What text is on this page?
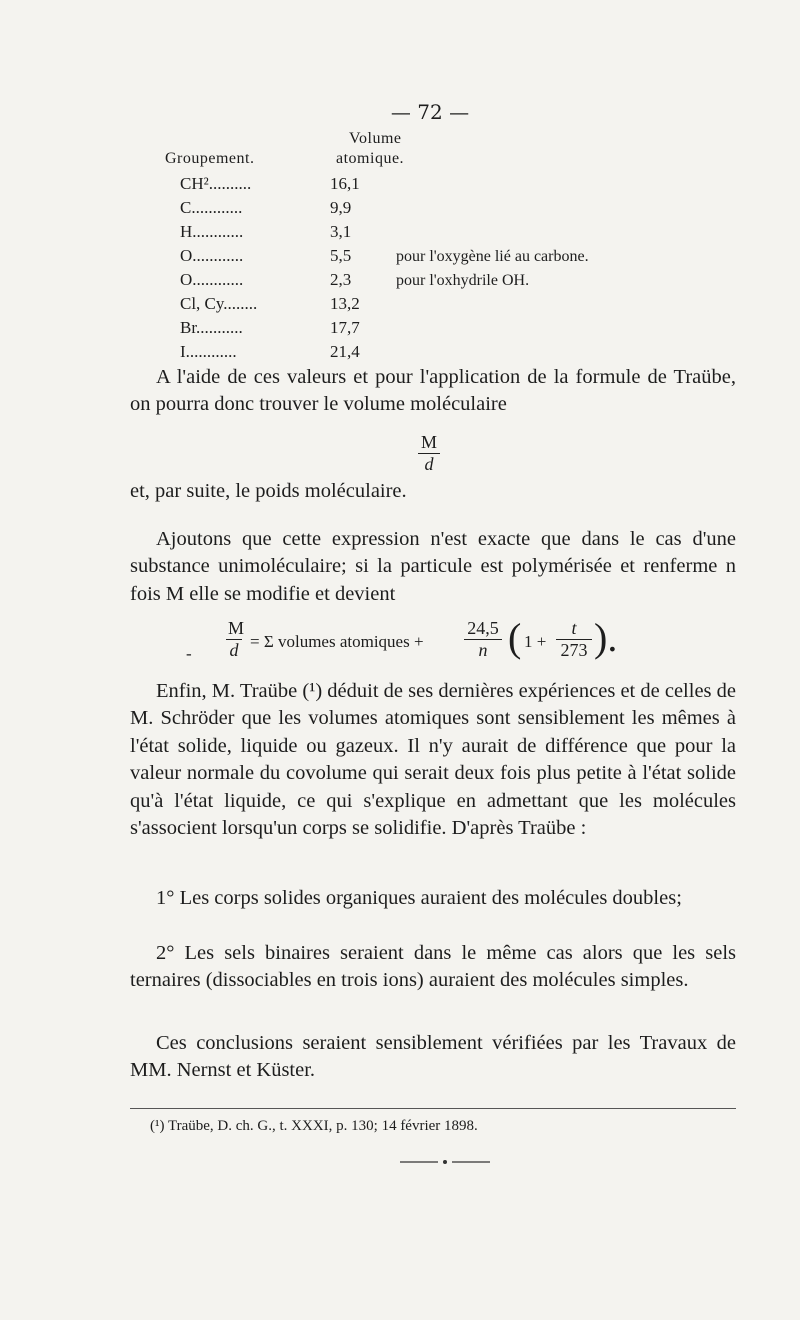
— 72 —
Groupement.
Volume
atomique.
CH²..........	16,1
C............	9,9
H............	3,1
O............	5,5	pour l'oxygène lié au carbone.
O............	2,3	pour l'oxhydrile OH.
Cl, Cy........	13,2
Br...........	17,7
I............	21,4

A l'aide de ces valeurs et pour l'application de la formule de Traübe, on pourra donc trouver le volume moléculaire

$\frac{M}{d}$

et, par suite, le poids moléculaire.

Ajoutons que cette expression n'est exacte que dans le cas d'une substance unimoléculaire; si la particule est polymérisée et renferme n fois M elle se modifie et devient

- $\frac{M}{d} = \Sigma$ volumes atomiques + $\frac{24,5}{n}$ ( $1 + \frac{t}{273}$ ).

Enfin, M. Traübe (¹) déduit de ses dernières expériences et de celles de M. Schröder que les volumes atomiques sont sensiblement les mêmes à l'état solide, liquide ou gazeux. Il n'y aurait de différence que pour la valeur normale du covolume qui serait deux fois plus petite à l'état solide qu'à l'état liquide, ce qui s'explique en admettant que les molécules s'associent lorsqu'un corps se solidifie. D'après Traübe :

1° Les corps solides organiques auraient des molécules doubles;

2° Les sels binaires seraient dans le même cas alors que les sels ternaires (dissociables en trois ions) auraient des molécules simples.

Ces conclusions seraient sensiblement vérifiées par les Travaux de MM. Nernst et Küster.

(¹) Traübe, D. ch. G., t. XXXI, p. 130; 14 février 1898.
